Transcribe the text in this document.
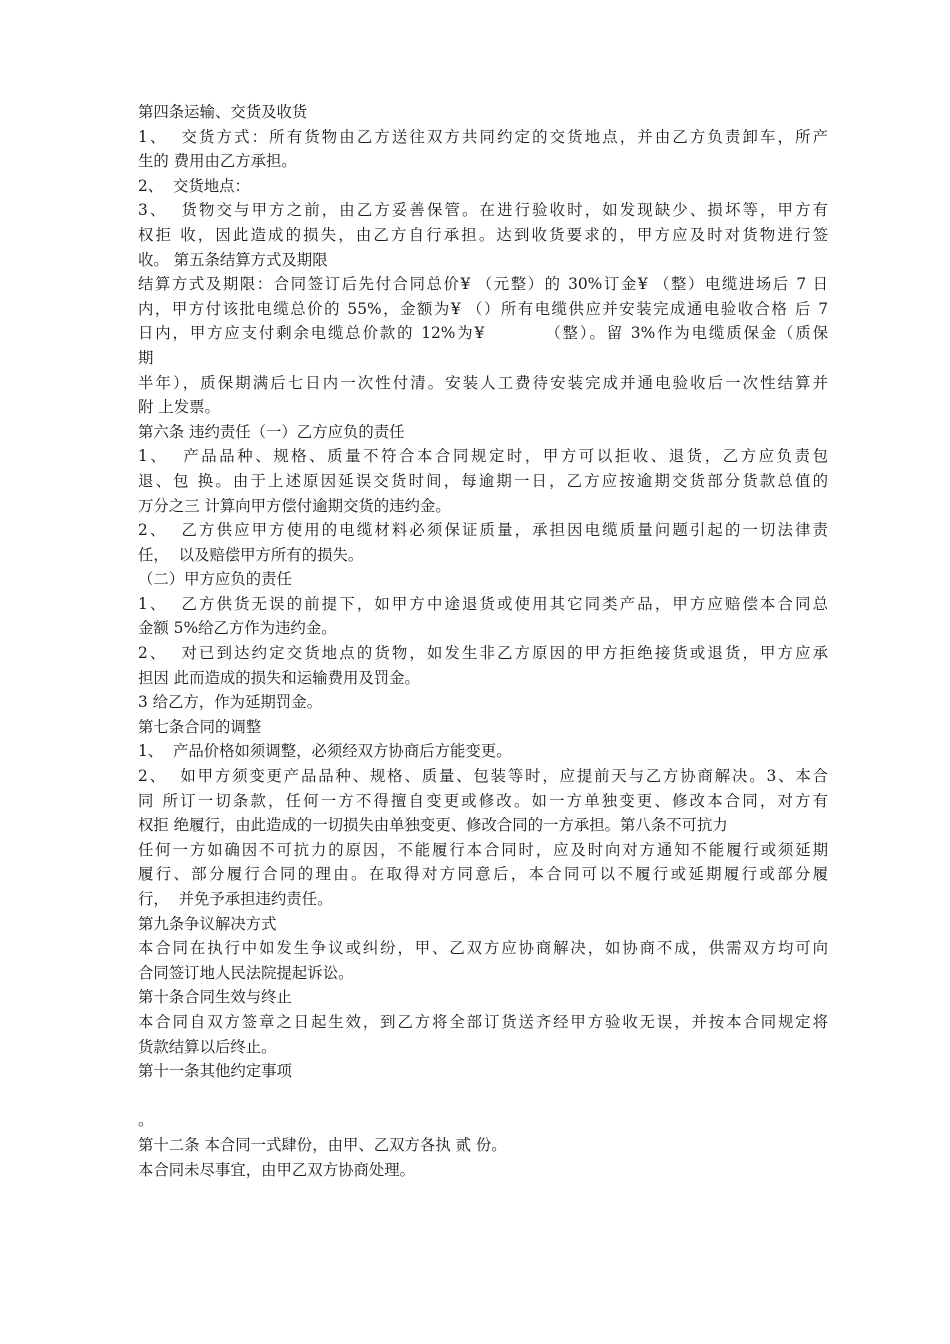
第四条运输、交货及收货
1、  交货方式：所有货物由乙方送往双方共同约定的交货地点，并由乙方负责卸车，所产
生的 费用由乙方承担。
2、  交货地点：
3、  货物交与甲方之前，由乙方妥善保管。在进行验收时，如发现缺少、损坏等，甲方有
权拒 收，因此造成的损失，由乙方自行承担。达到收货要求的，甲方应及时对货物进行签
收。 第五条结算方式及期限
结算方式及期限：合同签订后先付合同总价¥ （元整）的 30%订金¥ （整）电缆进场后 7 日
内，甲方付该批电缆总价的 55%，金额为¥ （）所有电缆供应并安装完成通电验收合格 后 7
日内，甲方应支付剩余电缆总价款的 12%为¥         （整）。留 3%作为电缆质保金（质保
期
半年），质保期满后七日内一次性付清。安装人工费待安装完成并通电验收后一次性结算并
附 上发票。
第六条 违约责任（一）乙方应负的责任
1、  产品品种、规格、质量不符合本合同规定时，甲方可以拒收、退货，乙方应负责包
退、包 换。由于上述原因延误交货时间，每逾期一日，乙方应按逾期交货部分货款总值的
万分之三 计算向甲方偿付逾期交货的违约金。
2、  乙方供应甲方使用的电缆材料必须保证质量，承担因电缆质量问题引起的一切法律责
任，  以及赔偿甲方所有的损失。
（二）甲方应负的责任
1、  乙方供货无误的前提下，如甲方中途退货或使用其它同类产品，甲方应赔偿本合同总
金额 5%给乙方作为违约金。
2、  对已到达约定交货地点的货物，如发生非乙方原因的甲方拒绝接货或退货，甲方应承
担因 此而造成的损失和运输费用及罚金。
3 给乙方，作为延期罚金。
第七条合同的调整
1、  产品价格如须调整，必须经双方协商后方能变更。
2、  如甲方须变更产品品种、规格、质量、包装等时，应提前天与乙方协商解决。3、本合
同 所订一切条款，任何一方不得擅自变更或修改。如一方单独变更、修改本合同，对方有
权拒 绝履行，由此造成的一切损失由单独变更、修改合同的一方承担。第八条不可抗力
任何一方如确因不可抗力的原因，不能履行本合同时，应及时向对方通知不能履行或须延期
履行、部分履行合同的理由。在取得对方同意后，本合同可以不履行或延期履行或部分履
行，  并免予承担违约责任。
第九条争议解决方式
本合同在执行中如发生争议或纠纷，甲、乙双方应协商解决，如协商不成，供需双方均可向
合同签订地人民法院提起诉讼。
第十条合同生效与终止
本合同自双方签章之日起生效，到乙方将全部订货送齐经甲方验收无误，并按本合同规定将
货款结算以后终止。
第十一条其他约定事项
。
第十二条 本合同一式肆份，由甲、乙双方各执 贰 份。
本合同未尽事宜，由甲乙双方协商处理。
